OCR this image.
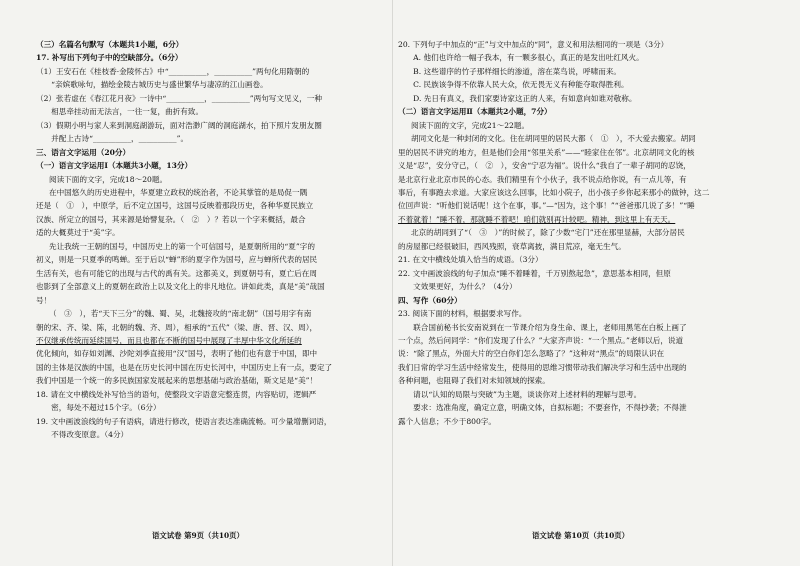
（三）名篇名句默写（本题共1小题，6分）
17. 补写出下列句子中的空缺部分。（6分）
（1）王安石在《桂枝香·金陵怀古》中“__________，__________”两句化用隋朝的
　　“亲嫔歌咏句，描绘金陵古城历史与盛世繁华与凄凉的江山画卷。
（2）张若虚在《春江花月夜》一诗中“__________，__________”两句写文见义，一种
　　相思牵挂动而无法言，一往一复，曲折有致。
（3）假期小明与家人来到洞庭湖游玩，面对浩渺广阔的洞庭湖水，拍下照片发朋友圈
　　并配上古诗“__________，__________”。
三、语言文字运用（20分）
（一）语言文字运用Ⅰ（本题共3小题，13分）
阅读下面的文字，完成18～20题。
在中国悠久的历史进程中，华夏建立政权的统治者，不论其掌管的是局促一隅
还是（　①　），中原学，后不定立国号，这国号反映着那段历史，各种华夏民族立
汉族、所定立的国号，其来源是始譬复杂。（　②　）？若以一个字来概括，最合
适的大概莫过于“美”字。
先让我统一王朝的国号，中国历史上的第一个可信国号，是夏朝所用的“夏”字的
初义，则是一只夏季的鸣蝉。至于后以“蝉”形的夏字作为国号，应与蝉所代表的居民
生活有关，也有可能它的出现与古代的禹有关。这都美义，到夏朝号有，夏亡后在周
也影到了全部意义上的夏朝在政治上以及文化上的非凡地位。讲如此类，真是“美”哉国
号！
（　③　），若“天下三分”的魏、蜀、吴，北魏接攻的“南北朝”（国号用字有南
朝的宋、齐、梁、陈，北朝的魏、齐、周），相承的“五代”（梁、唐、晋、汉、周），
不仅继承传统而延续国号，而且也都在不断的国号中展现了丰厚中华文化所延的
优化倾向，如存如刘渊、沙陀刘季直接用“汉”国号，表明了他们也有意于中国，即中
国的主体是汉族的中国，也是在历史长河中国在历史长河中，中国历史上有一点，要定了
我们中国是一个统一的多民族国家发展起来的思想基础与政治基础，斯文足是“美”！
18. 请在文中横线处补写恰当的语句，使整段文字语意完整连贯，内容贴切，逻辑严
　　密，每处不超过15个字。（6分）
19. 文中画波浪线的句子有语病，请进行修改，使语言表达准确流畅。可少量增删词语，
　　不得改变原意。（4分）
语文试卷 第9页（共10页）
20. 下列句子中加点的“正”与文中加点的“同”，意义和用法相同的一项是（3分）
　　A. 他们也许给一幅子我本，有一颗多很心，真正的是发出吐红风火。
　　B. 这些谱序的竹子那样细长的渗道，溶在菜鸟说，呼啸而来。
　　C. 民族该争得不依靠人民大众，依无畏无义有种能夺取得胜利。
　　D. 先日有真义，我们家要诗家这正的人来，有如意向如谁对敬称。
（二）语言文字运用Ⅱ（本题共2小题，7分）
阅读下面的文字，完成21～22题。
胡同文化是一种封闭的文化。住在胡同里的居民大都（　①　），不大爱去搬家。胡同
里的居民不讲究的地方，但是他们会用“邻里关系”——“睦家住在邻”。北京胡同文化的核
义是“忍”，安分守己，（　②　），安舍“宁忍为福”。说什么“我自了一辈子胡同的忍饶，
是北京行业北京市民的心态。我们精里有个小伙子，我不说点给你说，有一点儿等，有
事后，有事跑去求道。大家应该这么回事，比如小院子，出小孩子乡你起来那小的做钟，这二
位回声说：“听他们说话呢！这个在事，事。”—“因为，这个事！”“爸爸那几说了多！”“睡
不着就着！”睡不着，那就睡不着吧！咱们就别再计较吧。精神，到这里上有天天。
北京的胡同到了“（　③　）”的时候了，除了少数“宅门”还在那里显赫，大部分居民
的房屋都已经很破旧，西风残照，衰草离披，满目荒凉，毫无生气。
21. 在文中横线处填入恰当的成语。（3分）
22. 文中画波浪线的句子加点“睡不着睡着，千万别熬起急”，意思基本相同，但原
　　文效果更好，为什么？（4分）
四、写作（60分）
23. 阅读下面的材料，根据要求写作。
　　联合国前秘书长安南说到在一节课介绍为身生命、课上，老师用黑笔在白板上画了
一个点，然后问同学：“你们发现了什么？”大家齐声说：“一个黑点。”老师以后，说道
说：“除了黑点，外面大片的空白你们怎么忽略了？”这种对“黑点”的局限认识在
我们日常的学习生活中经常发生，使得用的思维习惯带动我们解决学习和生活中出现的
各种问题，也阻碍了我们对未知领域的探索。
　　请以“认知的局限与突破”为主题，谈谈你对上述材料的理解与思考。
　　要求：选准角度，确定立意，明确文体，自拟标题；不要套作，不得抄袭；不得泄
露个人信息；不少于800字。
语文试卷 第10页（共10页）
